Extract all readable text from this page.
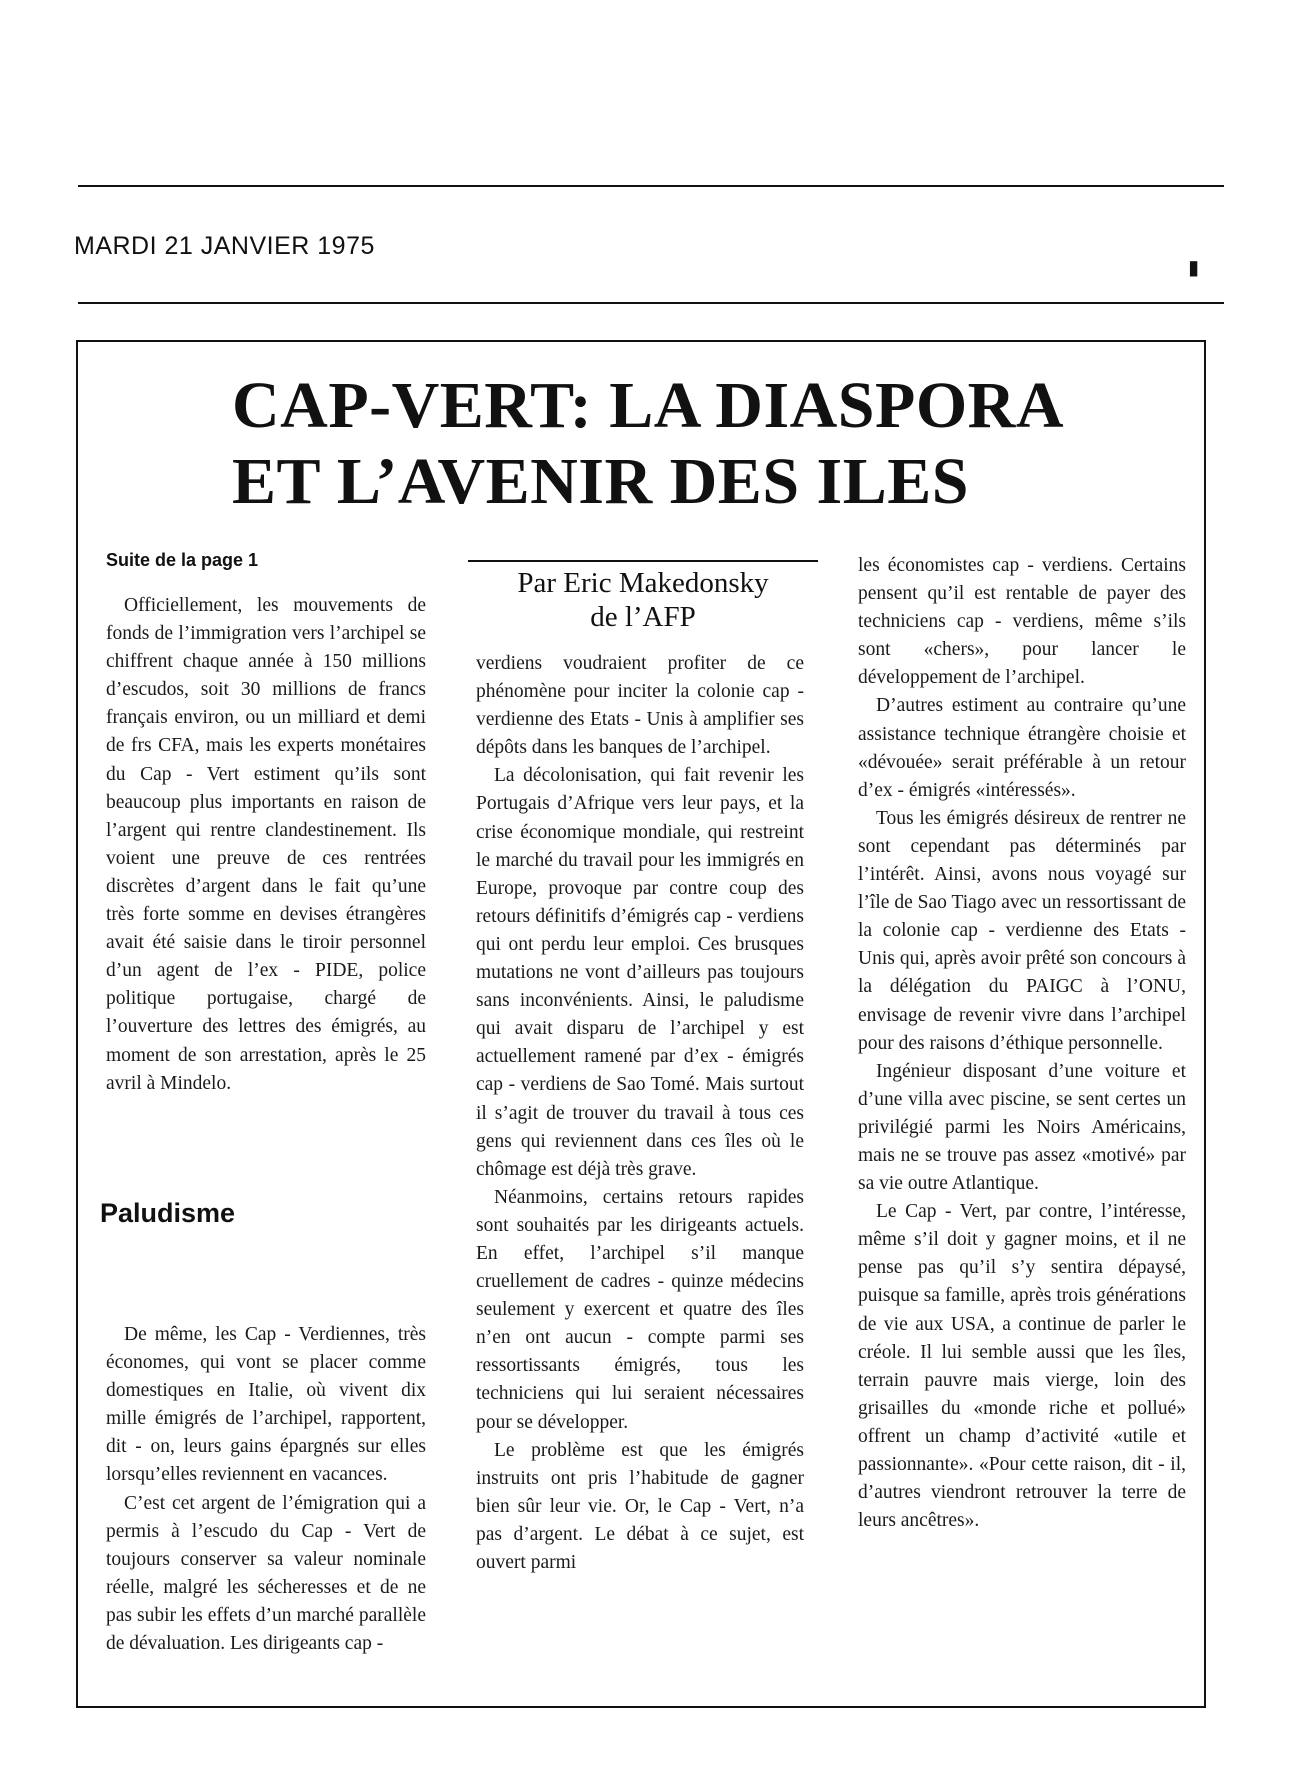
MARDI 21 JANVIER 1975
CAP-VERT: LA DIASPORA
ET L’AVENIR DES ILES
Suite de la page 1

Officiellement, les mouvements de fonds de l’immigration vers l’archipel se chiffrent chaque année à 150 millions d’escudos, soit 30 millions de francs français environ, ou un milliard et demi de frs CFA, mais les experts monétaires du Cap - Vert estiment qu’ils sont beaucoup plus importants en raison de l’argent qui rentre clandestinement. Ils voient une preuve de ces rentrées discrètes d’argent dans le fait qu’une très forte somme en devises étrangères avait été saisie dans le tiroir personnel d’un agent de l’ex - PIDE, police politique portugaise, chargé de l’ouverture des lettres des émigrés, au moment de son arrestation, après le 25 avril à Mindelo.

Paludisme

De même, les Cap - Verdiennes, très économes, qui vont se placer comme domestiques en Italie, où vivent dix mille émigrés de l’archipel, rapportent, dit - on, leurs gains épargnés sur elles lorsqu’elles reviennent en vacances.

C’est cet argent de l’émigration qui a permis à l’escudo du Cap - Vert de toujours conserver sa valeur nominale réelle, malgré les sécheresses et de ne pas subir les effets d’un marché parallèle de dévaluation. Les dirigeants cap -

Par Eric Makedonsky
de l’AFP

verdiens voudraient profiter de ce phénomène pour inciter la colonie cap - verdienne des Etats - Unis à amplifier ses dépôts dans les banques de l’archipel.

La décolonisation, qui fait revenir les Portugais d’Afrique vers leur pays, et la crise économique mondiale, qui restreint le marché du travail pour les immigrés en Europe, provoque par contre coup des retours définitifs d’émigrés cap - verdiens qui ont perdu leur emploi. Ces brusques mutations ne vont d’ailleurs pas toujours sans inconvénients. Ainsi, le paludisme qui avait disparu de l’archipel y est actuellement ramené par d’ex - émigrés cap - verdiens de Sao Tomé. Mais surtout il s’agit de trouver du travail à tous ces gens qui reviennent dans ces îles où le chômage est déjà très grave.

Néanmoins, certains retours rapides sont souhaités par les dirigeants actuels. En effet, l’archipel s’il manque cruellement de cadres - quinze médecins seulement y exercent et quatre des îles n’en ont aucun - compte parmi ses ressortissants émigrés, tous les techniciens qui lui seraient nécessaires pour se développer.

Le problème est que les émigrés instruits ont pris l’habitude de gagner bien sûr leur vie. Or, le Cap - Vert, n’a pas d’argent. Le débat à ce sujet, est ouvert parmi

les économistes cap - verdiens. Certains pensent qu’il est rentable de payer des techniciens cap - verdiens, même s’ils sont «chers», pour lancer le développement de l’archipel.

D’autres estiment au contraire qu’une assistance technique étrangère choisie et «dévouée» serait préférable à un retour d’ex - émigrés «intéressés».

Tous les émigrés désireux de rentrer ne sont cependant pas déterminés par l’intérêt. Ainsi, avons nous voyagé sur l’île de Sao Tiago avec un ressortissant de la colonie cap - verdienne des Etats - Unis qui, après avoir prêté son concours à la délégation du PAIGC à l’ONU, envisage de revenir vivre dans l’archipel pour des raisons d’éthique personnelle.

Ingénieur disposant d’une voiture et d’une villa avec piscine, se sent certes un privilégié parmi les Noirs Américains, mais ne se trouve pas assez «motivé» par sa vie outre Atlantique.

Le Cap - Vert, par contre, l’intéresse, même s’il doit y gagner moins, et il ne pense pas qu’il s’y sentira dépaysé, puisque sa famille, après trois générations de vie aux USA, a continue de parler le créole. Il lui semble aussi que les îles, terrain pauvre mais vierge, loin des grisailles du «monde riche et pollué» offrent un champ d’activité «utile et passionnante». «Pour cette raison, dit - il, d’autres viendront retrouver la terre de leurs ancêtres».

▮
